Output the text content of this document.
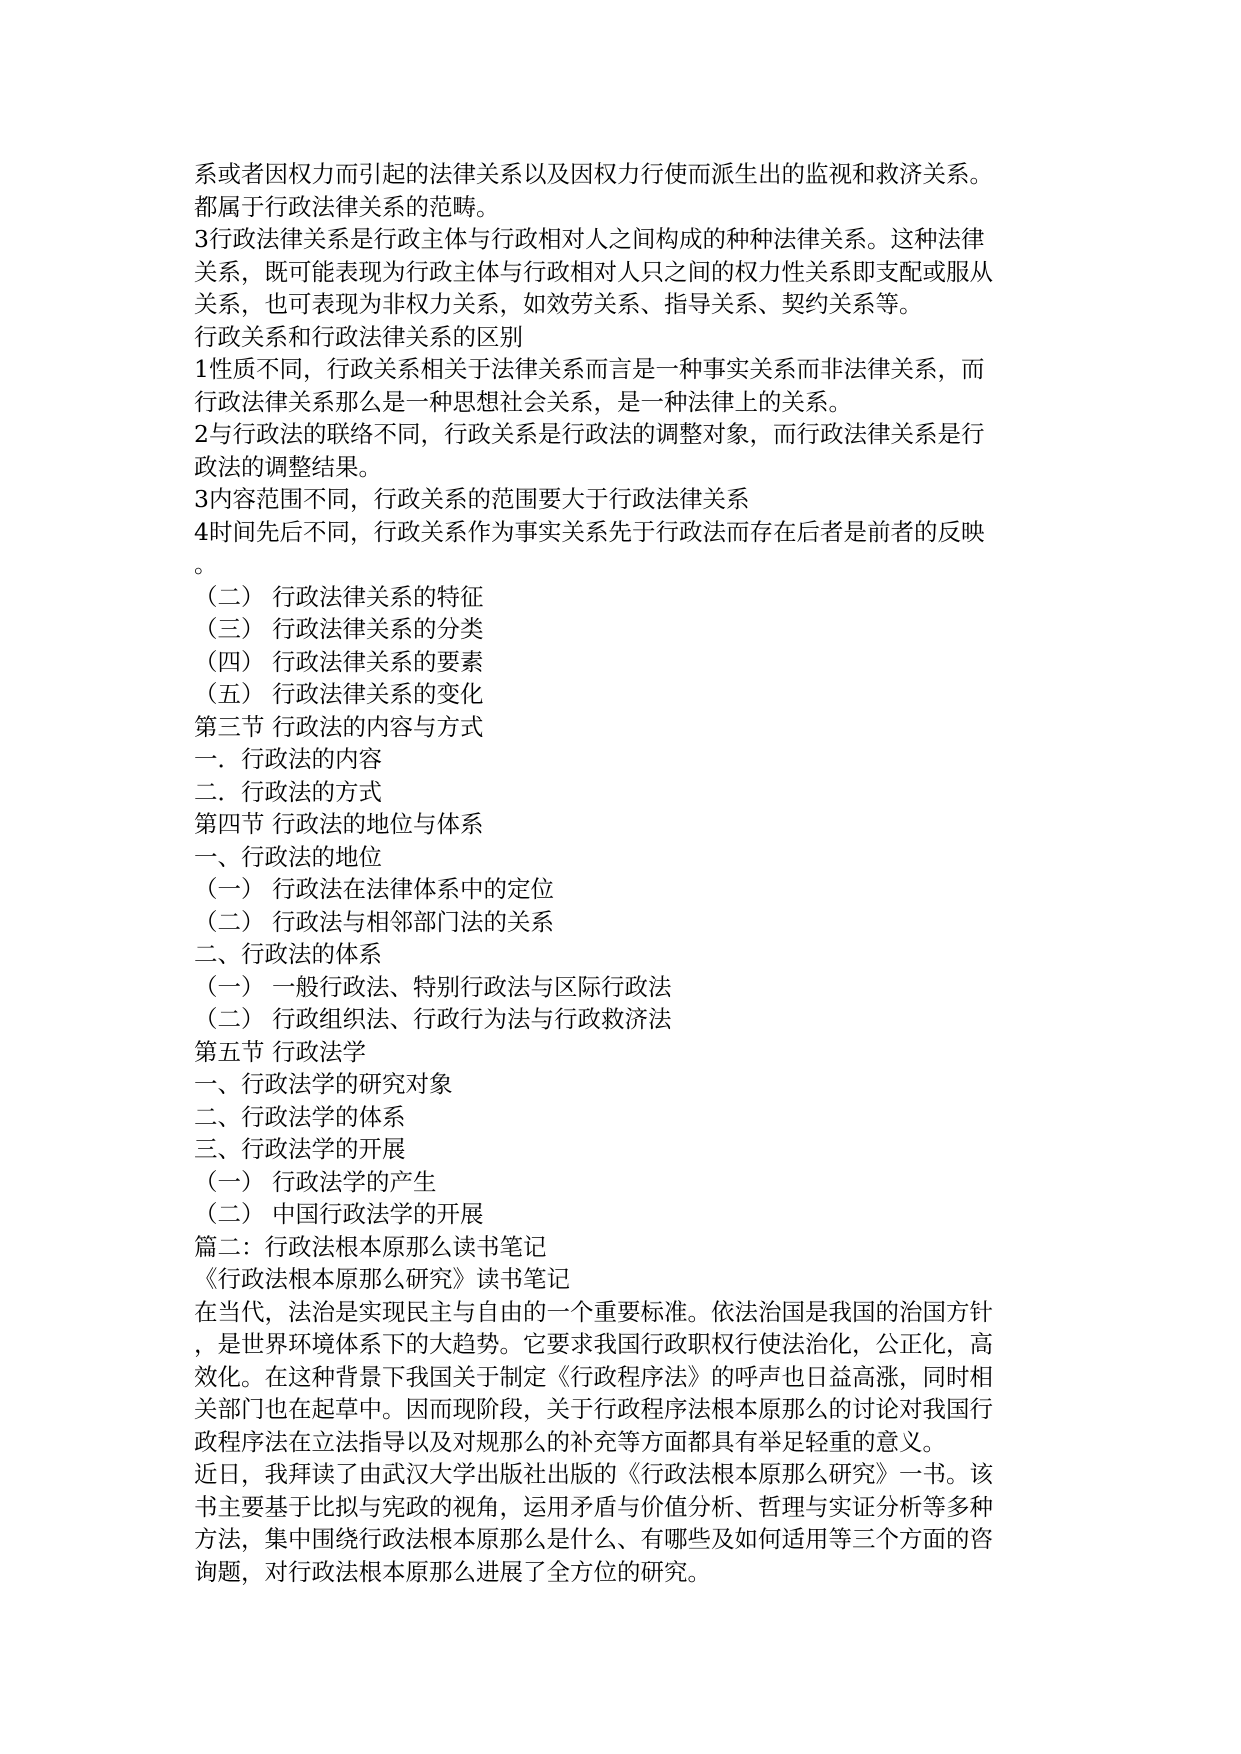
系或者因权力而引起的法律关系以及因权力行使而派生出的监视和救济关系。
都属于行政法律关系的范畴。
3行政法律关系是行政主体与行政相对人之间构成的种种法律关系。这种法律
关系，既可能表现为行政主体与行政相对人只之间的权力性关系即支配或服从
关系，也可表现为非权力关系，如效劳关系、指导关系、契约关系等。
行政关系和行政法律关系的区别
1性质不同，行政关系相关于法律关系而言是一种事实关系而非法律关系，而
行政法律关系那么是一种思想社会关系，是一种法律上的关系。
2与行政法的联络不同，行政关系是行政法的调整对象，而行政法律关系是行
政法的调整结果。
3内容范围不同，行政关系的范围要大于行政法律关系
4时间先后不同，行政关系作为事实关系先于行政法而存在后者是前者的反映
。
（二） 行政法律关系的特征
（三） 行政法律关系的分类
（四） 行政法律关系的要素
（五） 行政法律关系的变化
第三节 行政法的内容与方式
一．行政法的内容
二．行政法的方式
第四节 行政法的地位与体系
一、行政法的地位
（一） 行政法在法律体系中的定位
（二） 行政法与相邻部门法的关系
二、行政法的体系
（一） 一般行政法、特别行政法与区际行政法
（二） 行政组织法、行政行为法与行政救济法
第五节 行政法学
一、行政法学的研究对象
二、行政法学的体系
三、行政法学的开展
（一） 行政法学的产生
（二） 中国行政法学的开展
篇二：行政法根本原那么读书笔记
《行政法根本原那么研究》读书笔记
在当代，法治是实现民主与自由的一个重要标准。依法治国是我国的治国方针
，是世界环境体系下的大趋势。它要求我国行政职权行使法治化，公正化，高
效化。在这种背景下我国关于制定《行政程序法》的呼声也日益高涨，同时相
关部门也在起草中。因而现阶段，关于行政程序法根本原那么的讨论对我国行
政程序法在立法指导以及对规那么的补充等方面都具有举足轻重的意义。
近日，我拜读了由武汉大学出版社出版的《行政法根本原那么研究》一书。该
书主要基于比拟与宪政的视角，运用矛盾与价值分析、哲理与实证分析等多种
方法，集中围绕行政法根本原那么是什么、有哪些及如何适用等三个方面的咨
询题，对行政法根本原那么进展了全方位的研究。
